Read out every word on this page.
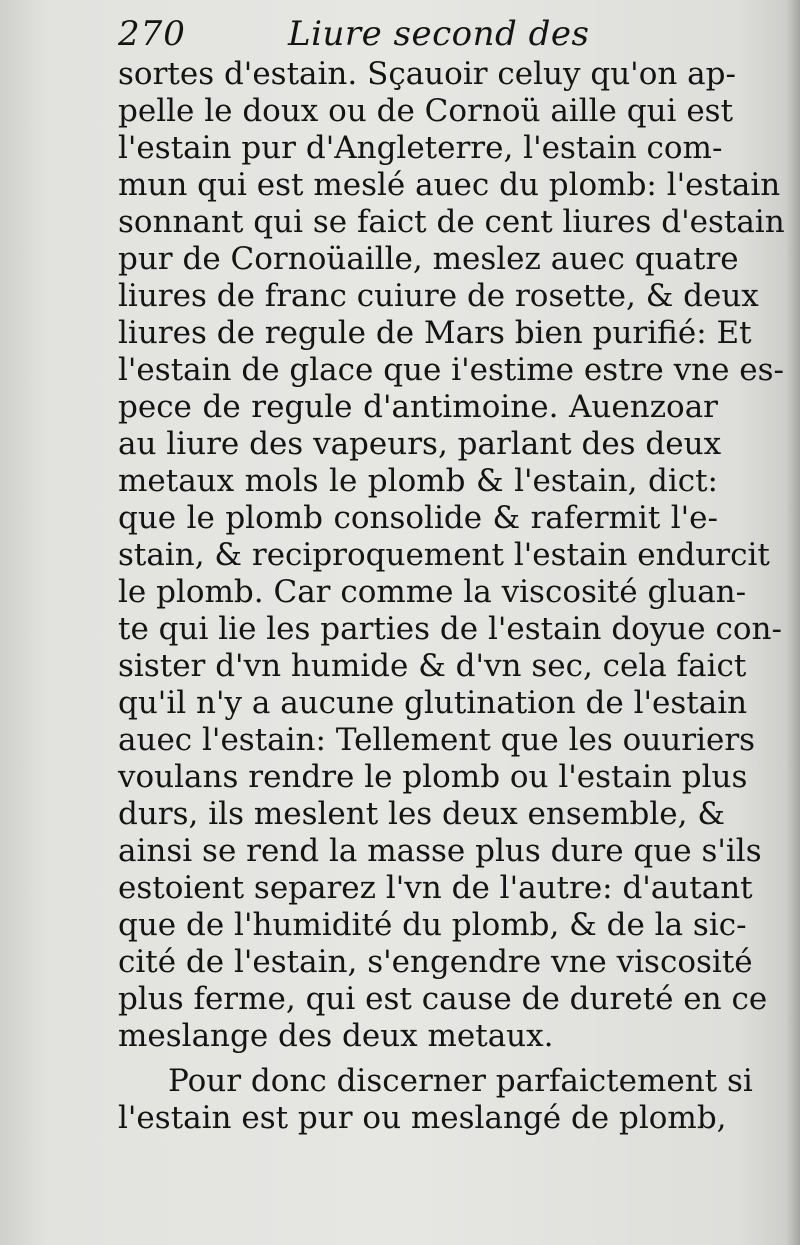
270	Liure second des
sortes d'estain. Sçauoir celuy qu'on ap-
pelle le doux ou de Cornoü aille qui est
l'estain pur d'Angleterre, l'estain com-
mun qui est meslé auec du plomb: l'estain
sonnant qui se faict de cent liures d'estain
pur de Cornoüaille, meslez auec quatre
liures de franc cuiure de rosette, & deux
liures de regule de Mars bien purifié: Et
l'estain de glace que i'estime estre vne es-
pece de regule d'antimoine. Auenzoar
au liure des vapeurs, parlant des deux
metaux mols le plomb & l'estain, dict:
que le plomb consolide & rafermit l'e-
stain, & reciproquement l'estain endurcit
le plomb. Car comme la viscosité gluan-
te qui lie les parties de l'estain doyue con-
sister d'vn humide & d'vn sec, cela faict
qu'il n'y a aucune glutination de l'estain
auec l'estain: Tellement que les ouuriers
voulans rendre le plomb ou l'estain plus
durs, ils meslent les deux ensemble, &
ainsi se rend la masse plus dure que s'ils
estoient separez l'vn de l'autre: d'autant
que de l'humidité du plomb, & de la sic-
cité de l'estain, s'engendre vne viscosité
plus ferme, qui est cause de dureté en ce
meslange des deux metaux.
Pour donc discerner parfaictement si
l'estain est pur ou meslangé de plomb,
